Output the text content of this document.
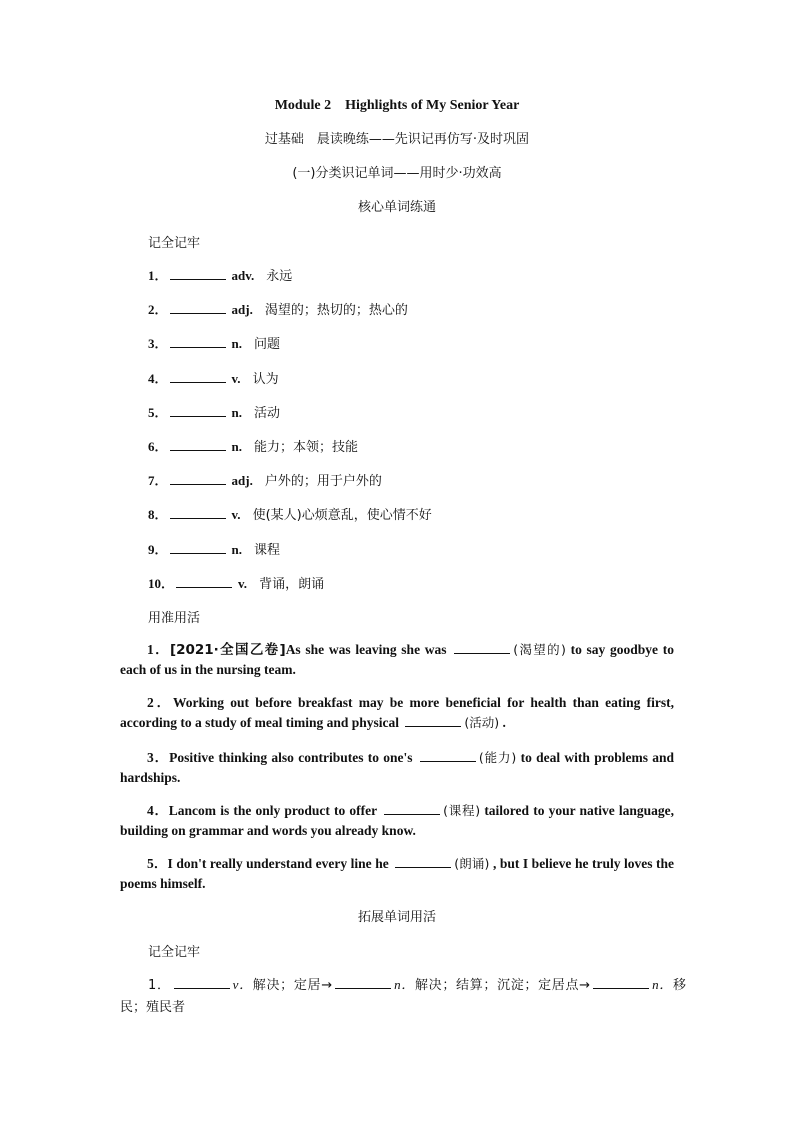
Module 2　Highlights of My Senior Year
过基础　晨读晚练——先识记再仿写·及时巩固
(一)分类识记单词——用时少·功效高
核心单词练通
记全记牢
1．	adv. 永远
2．	adj. 渴望的；热切的；热心的
3．	n. 问题
4．	v. 认为
5．	n. 活动
6．	n. 能力；本领；技能
7．	adj. 户外的；用于户外的
8．	v. 使(某人)心烦意乱，使心情不好
9．	n. 课程
10．	v. 背诵，朗诵
用准用活
1．[2021·全国乙卷]As she was leaving she was	(渴望的) to say goodbye to each of us in the nursing team.
2．Working out before breakfast may be more beneficial for health than eating first, according to a study of meal timing and physical	(活动) .
3．Positive thinking also contributes to one's	(能力) to deal with problems and hardships.
4．Lancom is the only product to offer	(课程) tailored to your native language, building on grammar and words you already know.
5．I don't really understand every line he	(朗诵) , but I believe he truly loves the poems himself.
拓展单词用活
记全记牢
1．	v．解决；定居→	n．解决；结算；沉淀；定居点→	n．移民；殖民者
